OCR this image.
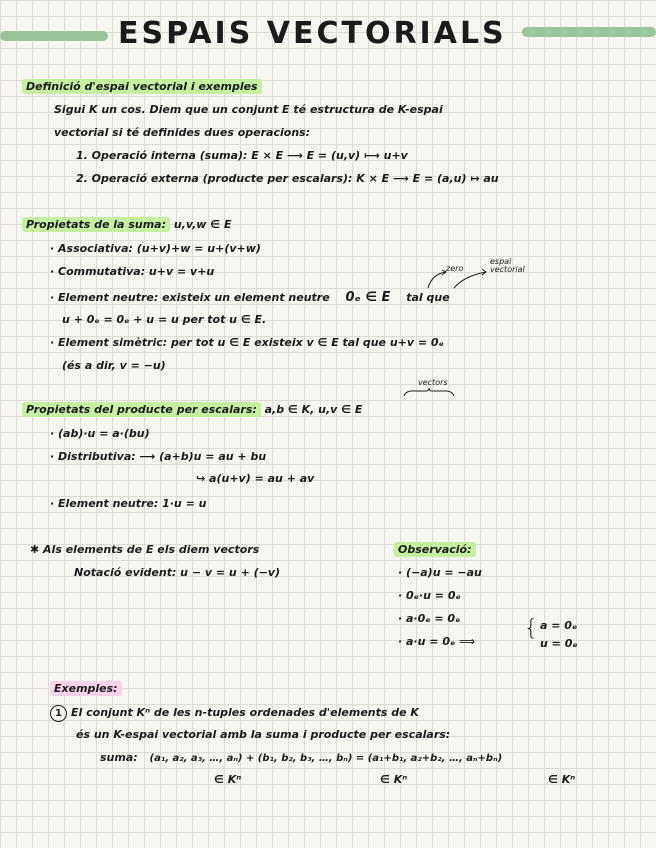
ESPAIS VECTORIALS
Definició d'espai vectorial i exemples
Sigui K un cos. Diem que un conjunt E té estructura de K-espai
vectorial si té definides dues operacions:
1. Operació interna (suma): E × E ⟶ E = (u,v) ⟼ u+v
2. Operació externa (producte per escalars): K × E ⟶ E = (a,u) ↦ au
Propietats de la suma: u,v,w ∈ E
· Associativa: (u+v)+w = u+(v+w)
· Commutativa: u+v = v+u	zero
espai
vectorial
· Element neutre: existeix un element neutre 0ₑ ∈ E tal que
u + 0ₑ = 0ₑ + u = u per tot u ∈ E.
· Element simètric: per tot u ∈ E existeix v ∈ E tal que u+v = 0ₑ
(és a dir, v = −u)
vectors
Propietats del producte per escalars: a,b ∈ K, u,v ∈ E
· (ab)·u = a·(bu)
· Distributiva: ⟶ (a+b)u = au + bu
↪ a(u+v) = au + av
· Element neutre: 1·u = u
✱ Als elements de E els diem vectors
Notació evident: u − v = u + (−v)
Observació:
· (−a)u = −au
· 0ₑ·u = 0ₑ
· a·0ₑ = 0ₑ
· a·u = 0ₑ ⟹
{ a = 0ₑ
u = 0ₑ
Exemples:
1 El conjunt Kⁿ de les n-tuples ordenades d'elements de K
és un K-espai vectorial amb la suma i producte per escalars:
suma: (a₁, a₂, a₃, …, aₙ) + (b₁, b₂, b₃, …, bₙ) = (a₁+b₁, a₂+b₂, …, aₙ+bₙ)
∈ Kⁿ	∈ Kⁿ	∈ Kⁿ
